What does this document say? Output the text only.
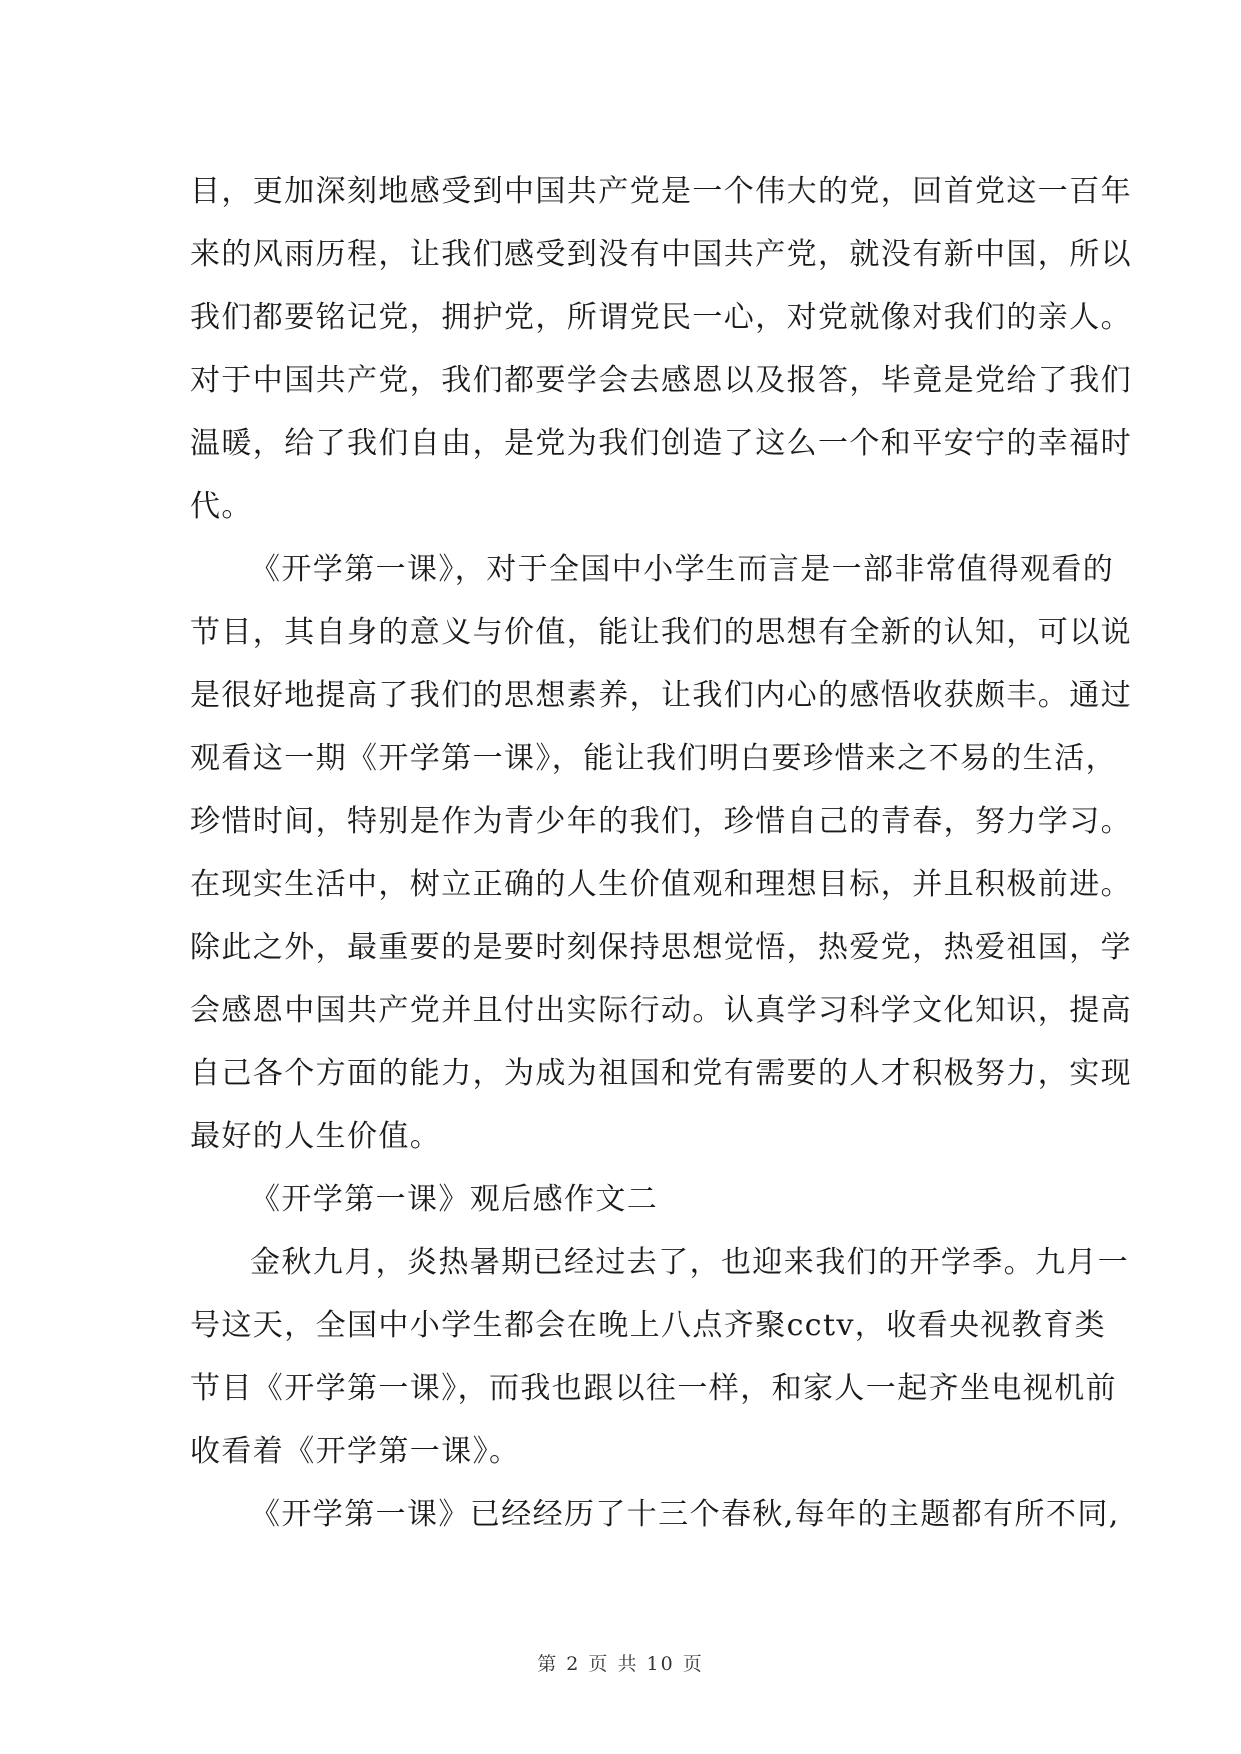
目，更加深刻地感受到中国共产党是一个伟大的党，回首党这一百年
来的风雨历程，让我们感受到没有中国共产党，就没有新中国，所以
我们都要铭记党，拥护党，所谓党民一心，对党就像对我们的亲人。
对于中国共产党，我们都要学会去感恩以及报答，毕竟是党给了我们
温暖，给了我们自由，是党为我们创造了这么一个和平安宁的幸福时
代。
《开学第一课》，对于全国中小学生而言是一部非常值得观看的
节目，其自身的意义与价值，能让我们的思想有全新的认知，可以说
是很好地提高了我们的思想素养，让我们内心的感悟收获颇丰。通过
观看这一期《开学第一课》，能让我们明白要珍惜来之不易的生活，
珍惜时间，特别是作为青少年的我们，珍惜自己的青春，努力学习。
在现实生活中，树立正确的人生价值观和理想目标，并且积极前进。
除此之外，最重要的是要时刻保持思想觉悟，热爱党，热爱祖国，学
会感恩中国共产党并且付出实际行动。认真学习科学文化知识，提高
自己各个方面的能力，为成为祖国和党有需要的人才积极努力，实现
最好的人生价值。
《开学第一课》观后感作文二
金秋九月，炎热暑期已经过去了，也迎来我们的开学季。九月一
号这天，全国中小学生都会在晚上八点齐聚cctv，收看央视教育类
节目《开学第一课》，而我也跟以往一样，和家人一起齐坐电视机前
收看着《开学第一课》。
《开学第一课》已经经历了十三个春秋,每年的主题都有所不同,
第 2 页 共 10 页
